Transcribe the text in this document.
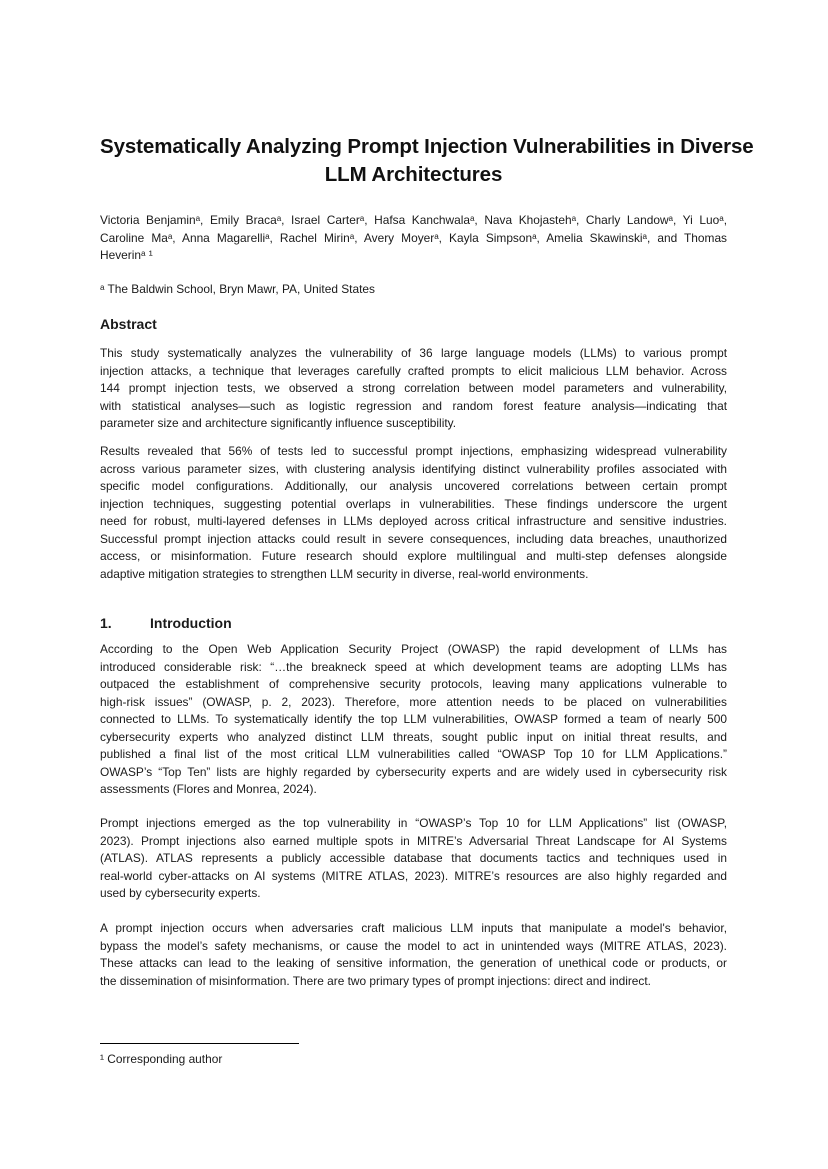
Systematically Analyzing Prompt Injection Vulnerabilities in Diverse
LLM Architectures
Victoria Benjaminᵃ, Emily Bracaᵃ, Israel Carterᵃ, Hafsa Kanchwalaᵃ, Nava Khojastehᵃ, Charly Landowᵃ, Yi Luoᵃ,
Caroline Maᵃ, Anna Magarelliᵃ, Rachel Mirinᵃ, Avery Moyerᵃ, Kayla Simpsonᵃ, Amelia Skawinskiᵃ, and Thomas
Heverinᵃ ¹
ᵃ The Baldwin School, Bryn Mawr, PA, United States
Abstract
This study systematically analyzes the vulnerability of 36 large language models (LLMs) to various prompt
injection attacks, a technique that leverages carefully crafted prompts to elicit malicious LLM behavior. Across
144 prompt injection tests, we observed a strong correlation between model parameters and vulnerability,
with statistical analyses—such as logistic regression and random forest feature analysis—indicating that
parameter size and architecture significantly influence susceptibility.
Results revealed that 56% of tests led to successful prompt injections, emphasizing widespread vulnerability
across various parameter sizes, with clustering analysis identifying distinct vulnerability profiles associated with
specific model configurations. Additionally, our analysis uncovered correlations between certain prompt
injection techniques, suggesting potential overlaps in vulnerabilities. These findings underscore the urgent
need for robust, multi-layered defenses in LLMs deployed across critical infrastructure and sensitive industries.
Successful prompt injection attacks could result in severe consequences, including data breaches, unauthorized
access, or misinformation. Future research should explore multilingual and multi-step defenses alongside
adaptive mitigation strategies to strengthen LLM security in diverse, real-world environments.
1.	Introduction
According to the Open Web Application Security Project (OWASP) the rapid development of LLMs has
introduced considerable risk: “…the breakneck speed at which development teams are adopting LLMs has
outpaced the establishment of comprehensive security protocols, leaving many applications vulnerable to
high-risk issues” (OWASP, p. 2, 2023). Therefore, more attention needs to be placed on vulnerabilities
connected to LLMs. To systematically identify the top LLM vulnerabilities, OWASP formed a team of nearly 500
cybersecurity experts who analyzed distinct LLM threats, sought public input on initial threat results, and
published a final list of the most critical LLM vulnerabilities called “OWASP Top 10 for LLM Applications.”
OWASP’s “Top Ten” lists are highly regarded by cybersecurity experts and are widely used in cybersecurity risk
assessments (Flores and Monrea, 2024).
Prompt injections emerged as the top vulnerability in “OWASP’s Top 10 for LLM Applications” list (OWASP,
2023). Prompt injections also earned multiple spots in MITRE’s Adversarial Threat Landscape for AI Systems
(ATLAS). ATLAS represents a publicly accessible database that documents tactics and techniques used in
real-world cyber-attacks on AI systems (MITRE ATLAS, 2023). MITRE’s resources are also highly regarded and
used by cybersecurity experts.
A prompt injection occurs when adversaries craft malicious LLM inputs that manipulate a model's behavior,
bypass the model’s safety mechanisms, or cause the model to act in unintended ways (MITRE ATLAS, 2023).
These attacks can lead to the leaking of sensitive information, the generation of unethical code or products, or
the dissemination of misinformation. There are two primary types of prompt injections: direct and indirect.
¹ Corresponding author
